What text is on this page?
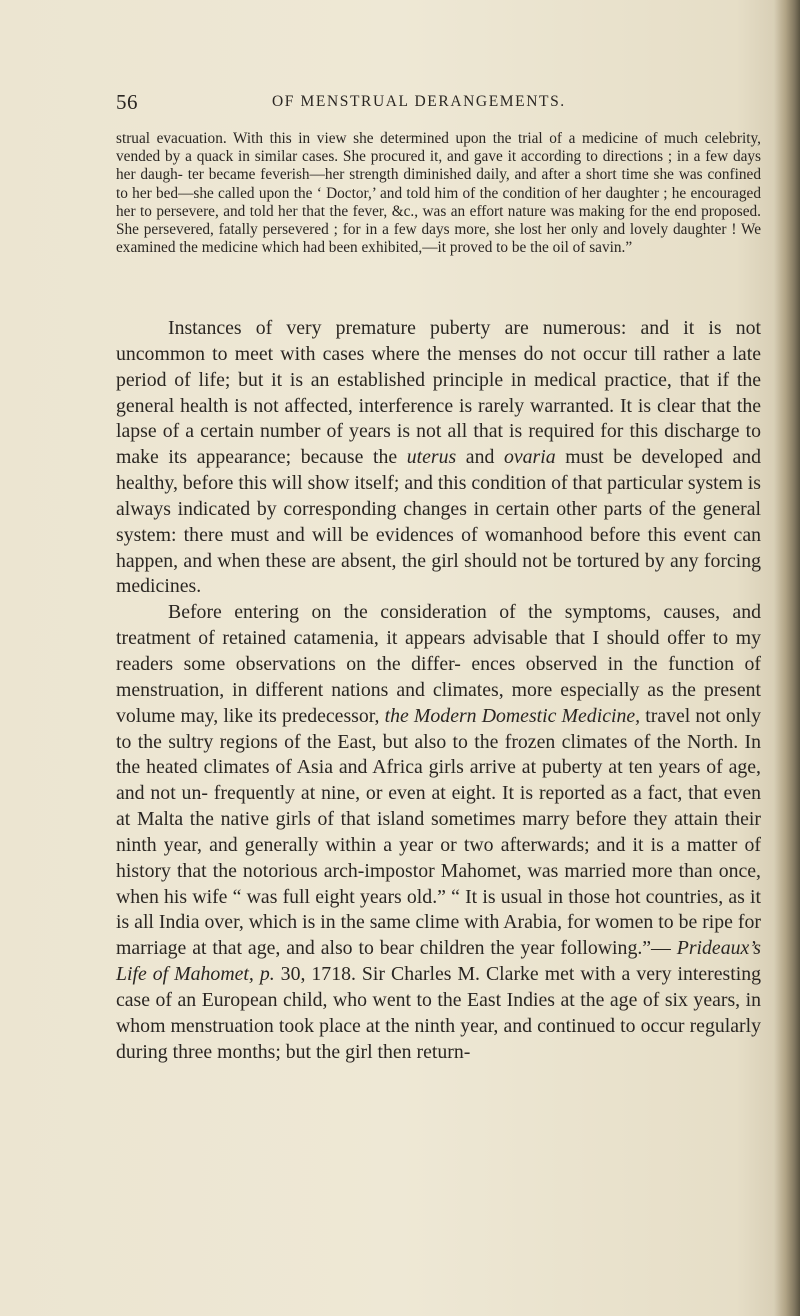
56	OF MENSTRUAL DERANGEMENTS.

strual evacuation. With this in view she determined upon the trial of a medicine of much celebrity, vended by a quack in similar cases. She procured it, and gave it according to directions ; in a few days her daugh- ter became feverish—her strength diminished daily, and after a short time she was confined to her bed—she called upon the ‘ Doctor,’ and told him of the condition of her daughter ; he encouraged her to persevere, and told her that the fever, &c., was an effort nature was making for the end proposed. She persevered, fatally persevered ; for in a few days more, she lost her only and lovely daughter ! We examined the medicine which had been exhibited,—it proved to be the oil of savin.”

Instances of very premature puberty are numerous: and it is not uncommon to meet with cases where the menses do not occur till rather a late period of life; but it is an established principle in medical practice, that if the general health is not affected, interference is rarely warranted. It is clear that the lapse of a certain number of years is not all that is required for this discharge to make its appearance; because the uterus and ovaria must be developed and healthy, before this will show itself; and this condition of that particular system is always indicated by corresponding changes in certain other parts of the general system: there must and will be evidences of womanhood before this event can happen, and when these are absent, the girl should not be tortured by any forcing medicines.

Before entering on the consideration of the symptoms, causes, and treatment of retained catamenia, it appears advisable that I should offer to my readers some observations on the differ- ences observed in the function of menstruation, in different nations and climates, more especially as the present volume may, like its predecessor, the Modern Domestic Medicine, travel not only to the sultry regions of the East, but also to the frozen climates of the North. In the heated climates of Asia and Africa girls arrive at puberty at ten years of age, and not un- frequently at nine, or even at eight. It is reported as a fact, that even at Malta the native girls of that island sometimes marry before they attain their ninth year, and generally within a year or two afterwards; and it is a matter of history that the notorious arch-impostor Mahomet, was married more than once, when his wife “ was full eight years old.” “ It is usual in those hot countries, as it is all India over, which is in the same clime with Arabia, for women to be ripe for marriage at that age, and also to bear children the year following.”— Prideaux’s Life of Mahomet, p. 30, 1718. Sir Charles M. Clarke met with a very interesting case of an European child, who went to the East Indies at the age of six years, in whom menstruation took place at the ninth year, and continued to occur regularly during three months; but the girl then return-
